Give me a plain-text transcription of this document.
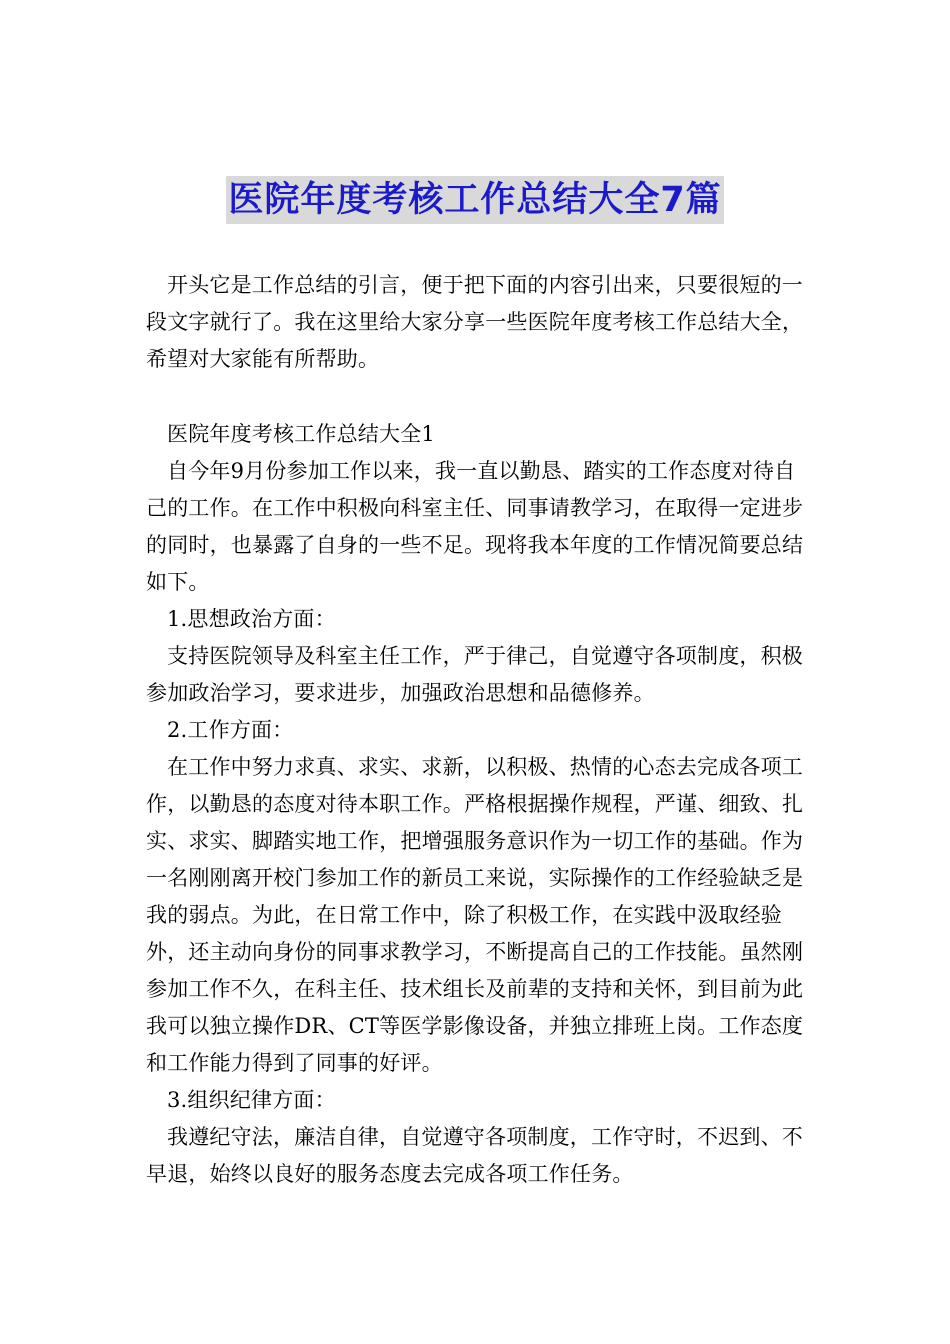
医院年度考核工作总结大全7篇

开头它是工作总结的引言，便于把下面的内容引出来，只要很短的一段文字就行了。我在这里给大家分享一些医院年度考核工作总结大全，希望对大家能有所帮助。

医院年度考核工作总结大全1

自今年9月份参加工作以来，我一直以勤恳、踏实的工作态度对待自己的工作。在工作中积极向科室主任、同事请教学习，在取得一定进步的同时，也暴露了自身的一些不足。现将我本年度的工作情况简要总结如下。

1.思想政治方面：

支持医院领导及科室主任工作，严于律己，自觉遵守各项制度，积极参加政治学习，要求进步，加强政治思想和品德修养。

2.工作方面：

在工作中努力求真、求实、求新，以积极、热情的心态去完成各项工作，以勤恳的态度对待本职工作。严格根据操作规程，严谨、细致、扎实、求实、脚踏实地工作，把增强服务意识作为一切工作的基础。作为一名刚刚离开校门参加工作的新员工来说，实际操作的工作经验缺乏是我的弱点。为此，在日常工作中，除了积极工作，在实践中汲取经验外，还主动向身份的同事求教学习，不断提高自己的工作技能。虽然刚参加工作不久，在科主任、技术组长及前辈的支持和关怀，到目前为此我可以独立操作DR、CT等医学影像设备，并独立排班上岗。工作态度和工作能力得到了同事的好评。

3.组织纪律方面：

我遵纪守法，廉洁自律，自觉遵守各项制度，工作守时，不迟到、不早退，始终以良好的服务态度去完成各项工作任务。
